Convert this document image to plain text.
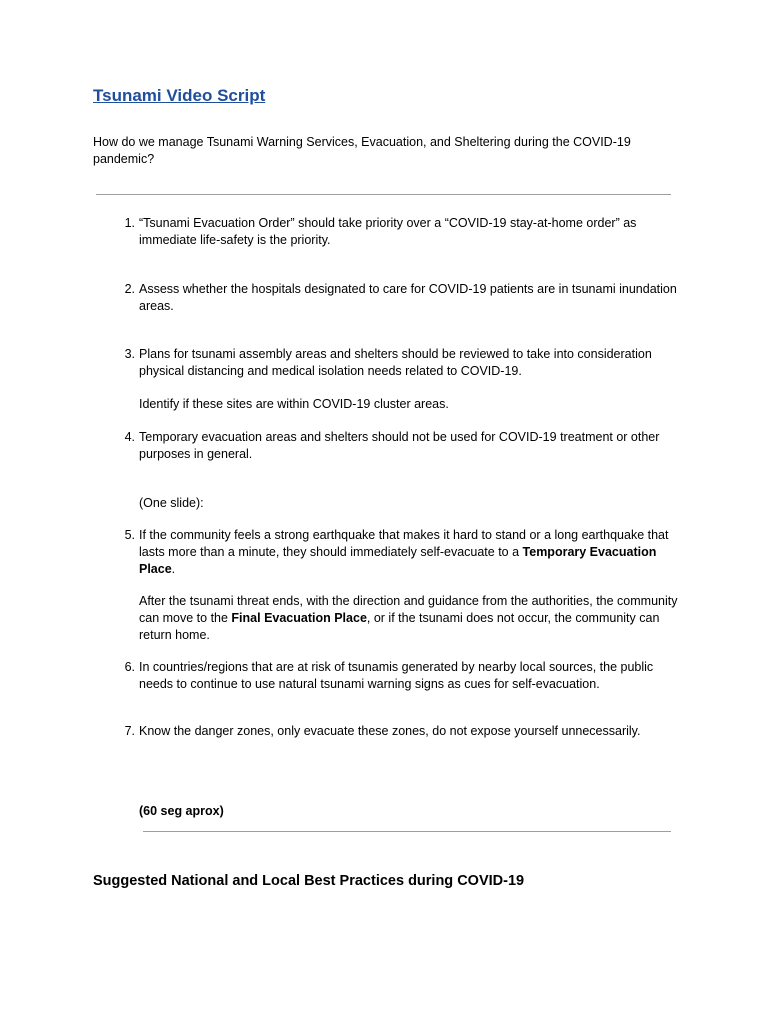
Tsunami Video Script

How do we manage Tsunami Warning Services, Evacuation, and Sheltering during the COVID-19 pandemic?

1. “Tsunami Evacuation Order” should take priority over a “COVID-19 stay-at-home order” as immediate life-safety is the priority.
2. Assess whether the hospitals designated to care for COVID-19 patients are in tsunami inundation areas.
3. Plans for tsunami assembly areas and shelters should be reviewed to take into consideration physical distancing and medical isolation needs related to COVID-19.

Identify if these sites are within COVID-19 cluster areas.

4. Temporary evacuation areas and shelters should not be used for COVID-19 treatment or other purposes in general.

(One slide):

5. If the community feels a strong earthquake that makes it hard to stand or a long earthquake that lasts more than a minute, they should immediately self-evacuate to a Temporary Evacuation Place.

After the tsunami threat ends, with the direction and guidance from the authorities, the community can move to the Final Evacuation Place, or if the tsunami does not occur, the community can return home.

6. In countries/regions that are at risk of tsunamis generated by nearby local sources, the public needs to continue to use natural tsunami warning signs as cues for self-evacuation.
7. Know the danger zones, only evacuate these zones, do not expose yourself unnecessarily.

(60 seg aprox)

Suggested National and Local Best Practices during COVID-19
